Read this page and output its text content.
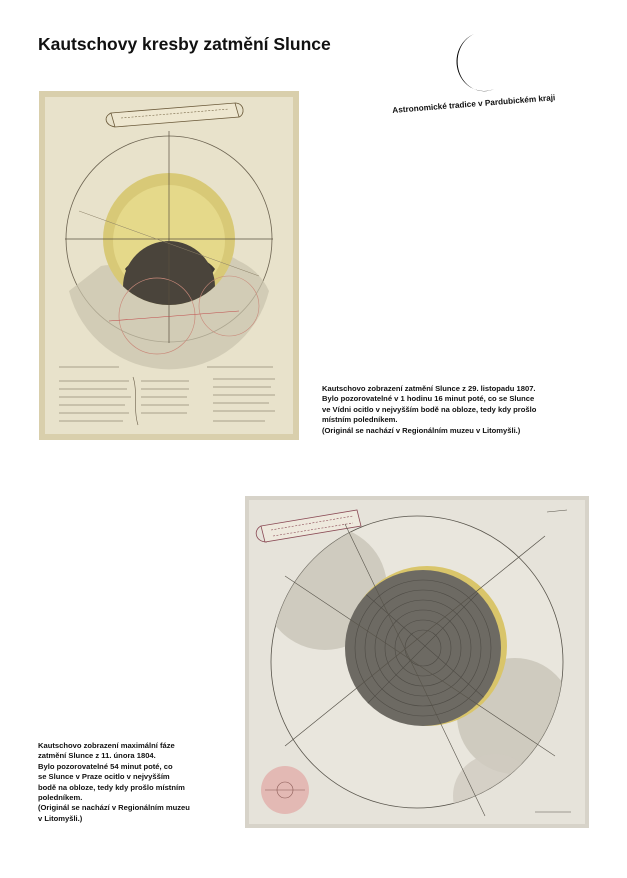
Kautschovy kresby zatmění Slunce
Astronomické tradice v Pardubickém kraji
Kautschovo zobrazení zatmění Slunce z 29. listopadu 1807.
Bylo pozorovatelné v 1 hodinu 16 minut poté, co se Slunce
ve Vídni ocitlo v nejvyšším bodě na obloze, tedy kdy prošlo
místním poledníkem.
(Originál se nachází v Regionálním muzeu v Litomyšli.)
Kautschovo zobrazení maximální fáze
zatmění Slunce z 11. února 1804.
Bylo pozorovatelné 54 minut poté, co
se Slunce v Praze ocitlo v nejvyšším
bodě na obloze, tedy kdy prošlo místním
poledníkem.
(Originál se nachází v Regionálním muzeu
v Litomyšli.)
